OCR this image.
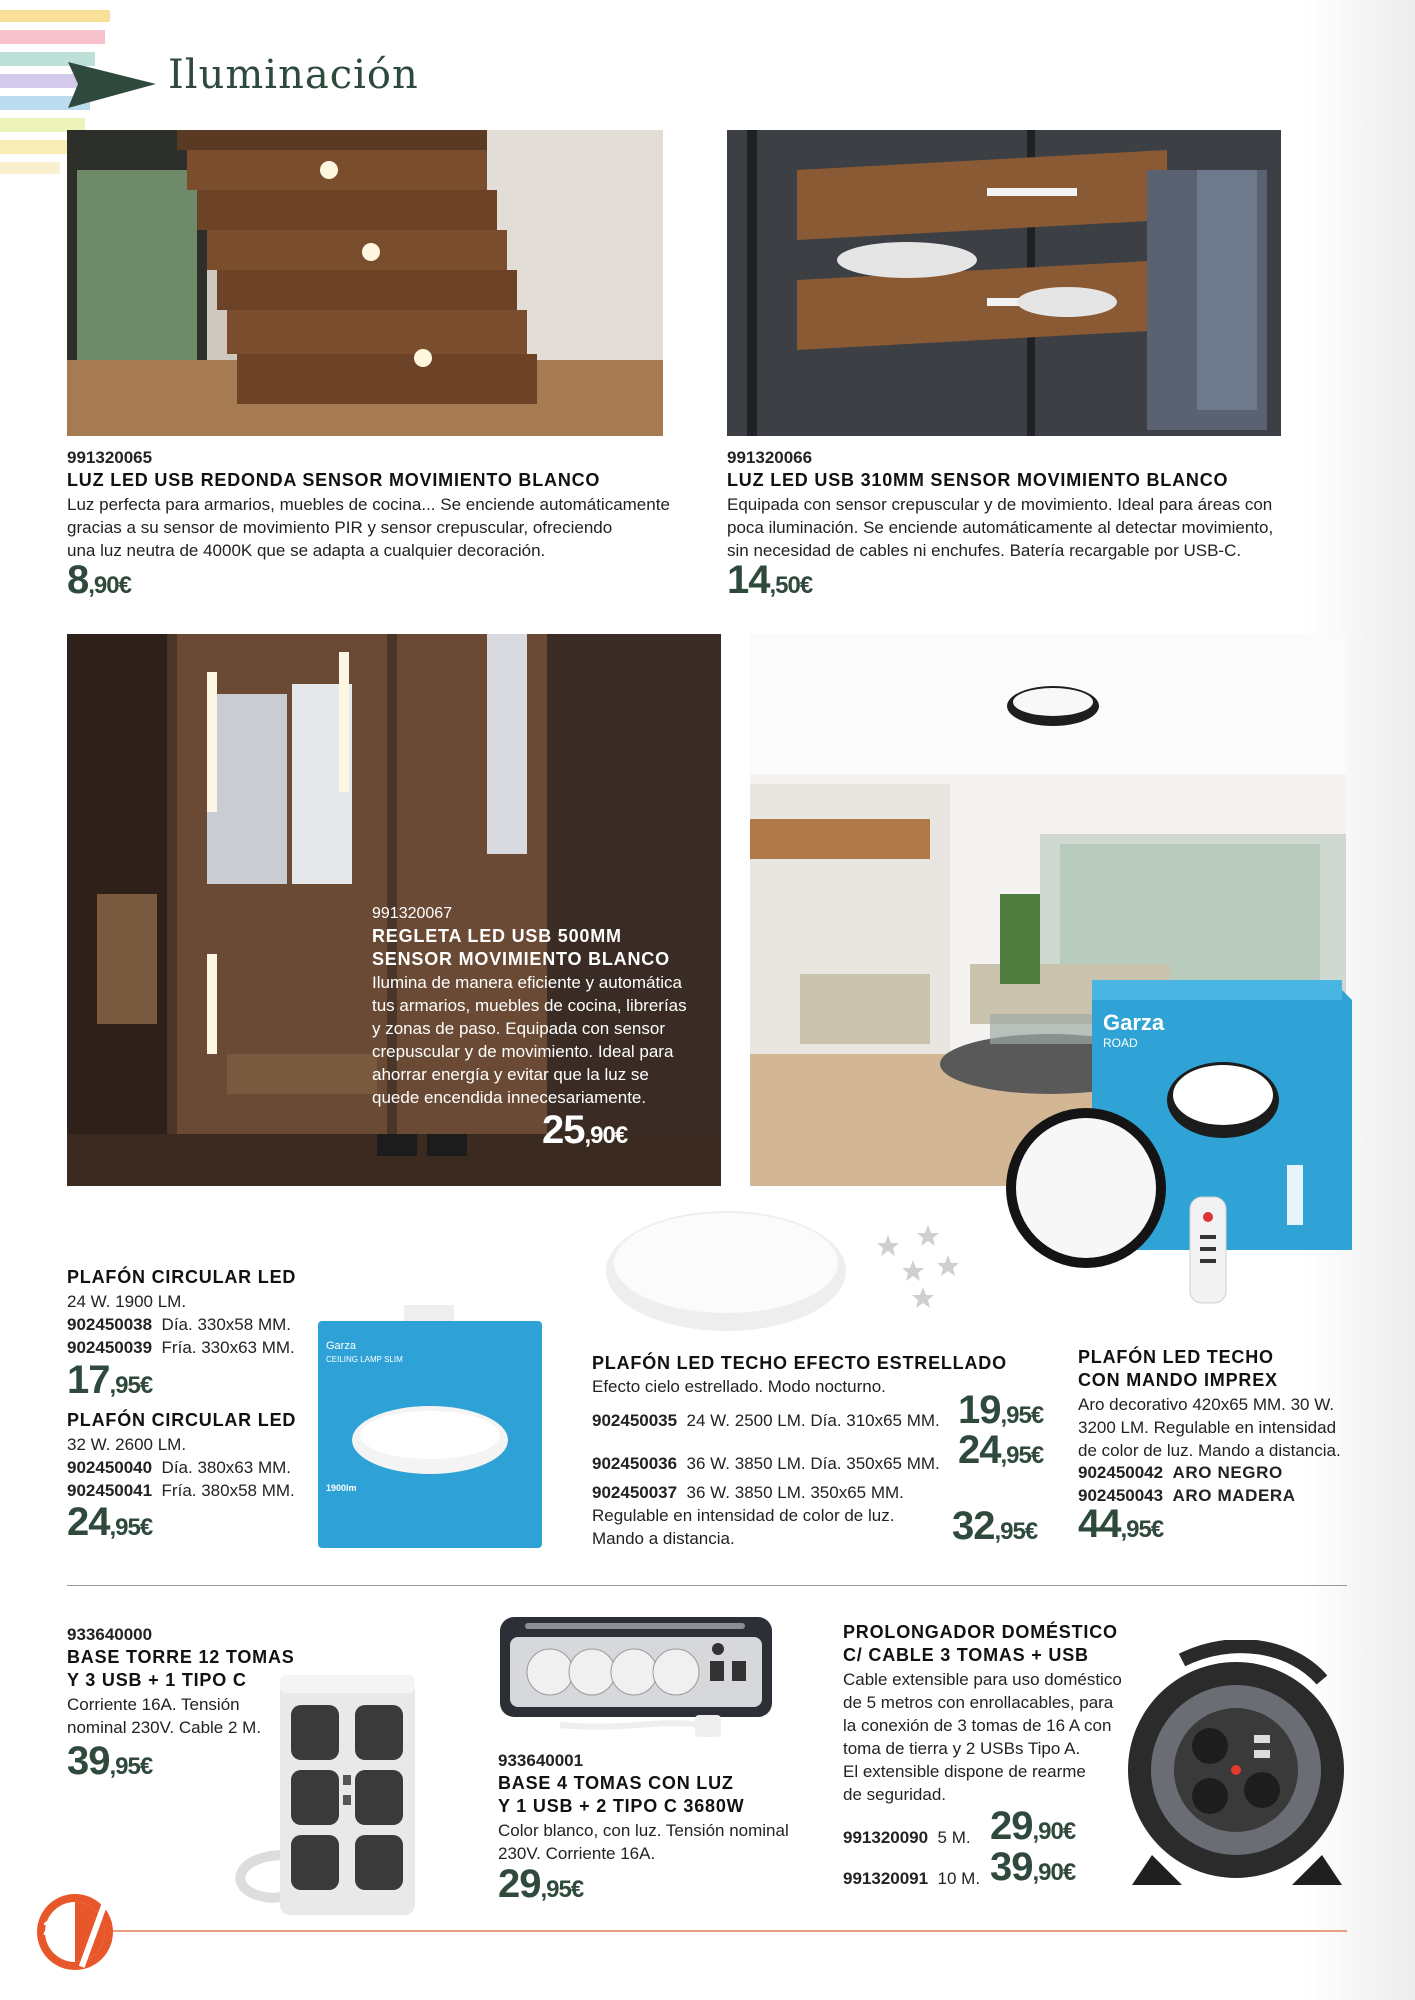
Iluminación
991320065
LUZ LED USB REDONDA SENSOR MOVIMIENTO BLANCO
Luz perfecta para armarios, muebles de cocina... Se enciende automáticamente
gracias a su sensor de movimiento PIR y sensor crepuscular, ofreciendo
una luz neutra de 4000K que se adapta a cualquier decoración.
8,90€
991320066
LUZ LED USB 310MM SENSOR MOVIMIENTO BLANCO
Equipada con sensor crepuscular y de movimiento. Ideal para áreas con
poca iluminación. Se enciende automáticamente al detectar movimiento,
sin necesidad de cables ni enchufes. Batería recargable por USB-C.
14,50€
991320067
REGLETA LED USB 500MM
SENSOR MOVIMIENTO BLANCO
Ilumina de manera eficiente y automática
tus armarios, muebles de cocina, librerías
y zonas de paso. Equipada con sensor
crepuscular y de movimiento. Ideal para
ahorrar energía y evitar que la luz se
quede encendida innecesariamente.
25,90€
Garza
ROAD
PLAFÓN CIRCULAR LED
24 W. 1900 LM.
902450038 Día. 330x58 MM.
902450039 Fría. 330x63 MM.
17,95€
PLAFÓN CIRCULAR LED
32 W. 2600 LM.
902450040 Día. 380x63 MM.
902450041 Fría. 380x58 MM.
24,95€
Garza
CEILING LAMP SLIM
1900lm
PLAFÓN LED TECHO EFECTO ESTRELLADO
Efecto cielo estrellado. Modo nocturno.
902450035 24 W. 2500 LM. Día. 310x65 MM. 19,95€
902450036 36 W. 3850 LM. Día. 350x65 MM. 24,95€
902450037 36 W. 3850 LM. 350x65 MM.
Regulable en intensidad de color de luz.
Mando a distancia.	32,95€
PLAFÓN LED TECHO
CON MANDO IMPREX
Aro decorativo 420x65 MM. 30 W.
3200 LM. Regulable en intensidad
de color de luz. Mando a distancia.
902450042 ARO NEGRO
902450043 ARO MADERA
44,95€
933640000
BASE TORRE 12 TOMAS
Y 3 USB + 1 TIPO C
Corriente 16A. Tensión
nominal 230V. Cable 2 M.
39,95€	933640001
BASE 4 TOMAS CON LUZ
Y 1 USB + 2 TIPO C 3680W
Color blanco, con luz. Tensión nominal
230V. Corriente 16A.
29,95€
PROLONGADOR DOMÉSTICO
C/ CABLE 3 TOMAS + USB
Cable extensible para uso doméstico
de 5 metros con enrollacables, para
la conexión de 3 tomas de 16 A con
toma de tierra y 2 USBs Tipo A.
El extensible dispone de rearme
de seguridad.
991320090 5 M. 29,90€
991320091 10 M. 39,90€
22
